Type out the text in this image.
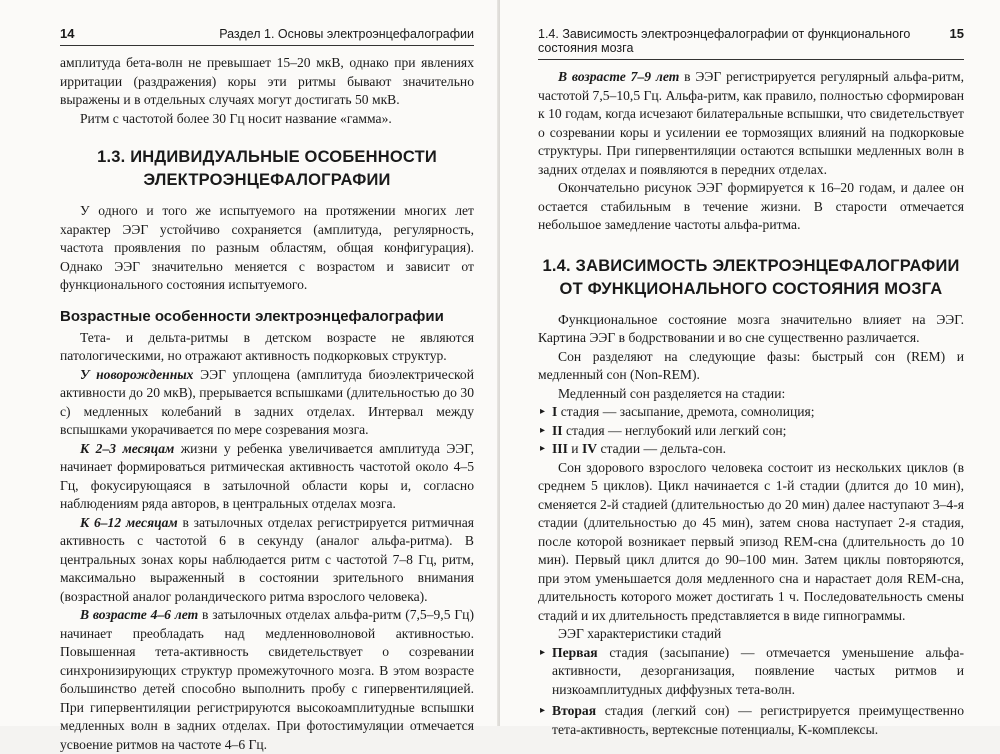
14	Раздел 1. Основы электроэнцефалографии

амплитуда бета-волн не превышает 15–20 мкВ, однако при явлениях ирритации (раздражения) коры эти ритмы бывают значительно выражены и в отдельных случаях могут достигать 50 мкВ.

Ритм с частотой более 30 Гц носит название «гамма».

1.3. ИНДИВИДУАЛЬНЫЕ ОСОБЕННОСТИ
ЭЛЕКТРОЭНЦЕФАЛОГРАФИИ

У одного и того же испытуемого на протяжении многих лет характер ЭЭГ устойчиво сохраняется (амплитуда, регулярность, частота проявления по разным областям, общая конфигурация). Однако ЭЭГ значительно меняется с возрастом и зависит от функционального состояния испытуемого.

Возрастные особенности электроэнцефалографии

Тета- и дельта-ритмы в детском возрасте не являются патологическими, но отражают активность подкорковых структур.

У новорожденных ЭЭГ уплощена (амплитуда биоэлектрической активности до 20 мкВ), прерывается вспышками (длительностью до 30 с) медленных колебаний в задних отделах. Интервал между вспышками укорачивается по мере созревания мозга.

К 2–3 месяцам жизни у ребенка увеличивается амплитуда ЭЭГ, начинает формироваться ритмическая активность частотой около 4–5 Гц, фокусирующаяся в затылочной области коры и, согласно наблюдениям ряда авторов, в центральных отделах мозга.

К 6–12 месяцам в затылочных отделах регистрируется ритмичная активность с частотой 6 в секунду (аналог альфа-ритма). В центральных зонах коры наблюдается ритм с частотой 7–8 Гц, ритм, максимально выраженный в состоянии зрительного внимания (возрастной аналог роландического ритма взрослого человека).

В возрасте 4–6 лет в затылочных отделах альфа-ритм (7,5–9,5 Гц) начинает преобладать над медленноволновой активностью. Повышенная тета-активность свидетельствует о созревании синхронизирующих структур промежуточного мозга. В этом возрасте большинство детей способно выполнить пробу с гипервентиляцией. При гипервентиляции регистрируются высокоамплитудные вспышки медленных волн в задних отделах. При фотостимуляции отмечается усвоение ритмов на частоте 4–6 Гц.

1.4. Зависимость электроэнцефалографии от функционального состояния мозга
15

В возрасте 7–9 лет в ЭЭГ регистрируется регулярный альфа-ритм, частотой 7,5–10,5 Гц. Альфа-ритм, как правило, полностью сформирован к 10 годам, когда исчезают билатеральные вспышки, что свидетельствует о созревании коры и усилении ее тормозящих влияний на подкорковые структуры. При гипервентиляции остаются вспышки медленных волн в задних отделах и появляются в передних отделах.

Окончательно рисунок ЭЭГ формируется к 16–20 годам, и далее он остается стабильным в течение жизни. В старости отмечается небольшое замедление частоты альфа-ритма.

1.4. ЗАВИСИМОСТЬ ЭЛЕКТРОЭНЦЕФАЛОГРАФИИ
ОТ ФУНКЦИОНАЛЬНОГО СОСТОЯНИЯ МОЗГА

Функциональное состояние мозга значительно влияет на ЭЭГ. Картина ЭЭГ в бодрствовании и во сне существенно различается.

Сон разделяют на следующие фазы: быстрый сон (REM) и медленный сон (Non-REM).

Медленный сон разделяется на стадии:

▸ I стадия — засыпание, дремота, сомнолиция;
▸ II стадия — неглубокий или легкий сон;
▸ III и IV стадии — дельта-сон.

Сон здорового взрослого человека состоит из нескольких циклов (в среднем 5 циклов). Цикл начинается с 1-й стадии (длится до 10 мин), сменяется 2-й стадией (длительностью до 20 мин) далее наступают 3–4-я стадии (длительностью до 45 мин), затем снова наступает 2-я стадия, после которой возникает первый эпизод REM-сна (длительность до 10 мин). Первый цикл длится до 90–100 мин. Затем циклы повторяются, при этом уменьшается доля медленного сна и нарастает доля REM-сна, длительность которого может достигать 1 ч. Последовательность смены стадий и их длительность представляется в виде гипнограммы.

ЭЭГ характеристики стадий

▸ Первая стадия (засыпание) — отмечается уменьшение альфа-активности, дезорганизация, появление частых ритмов и низкоамплитудных диффузных тета-волн.
▸ Вторая стадия (легкий сон) — регистрируется преимущественно тета-активность, вертексные потенциалы, K-комплексы.
